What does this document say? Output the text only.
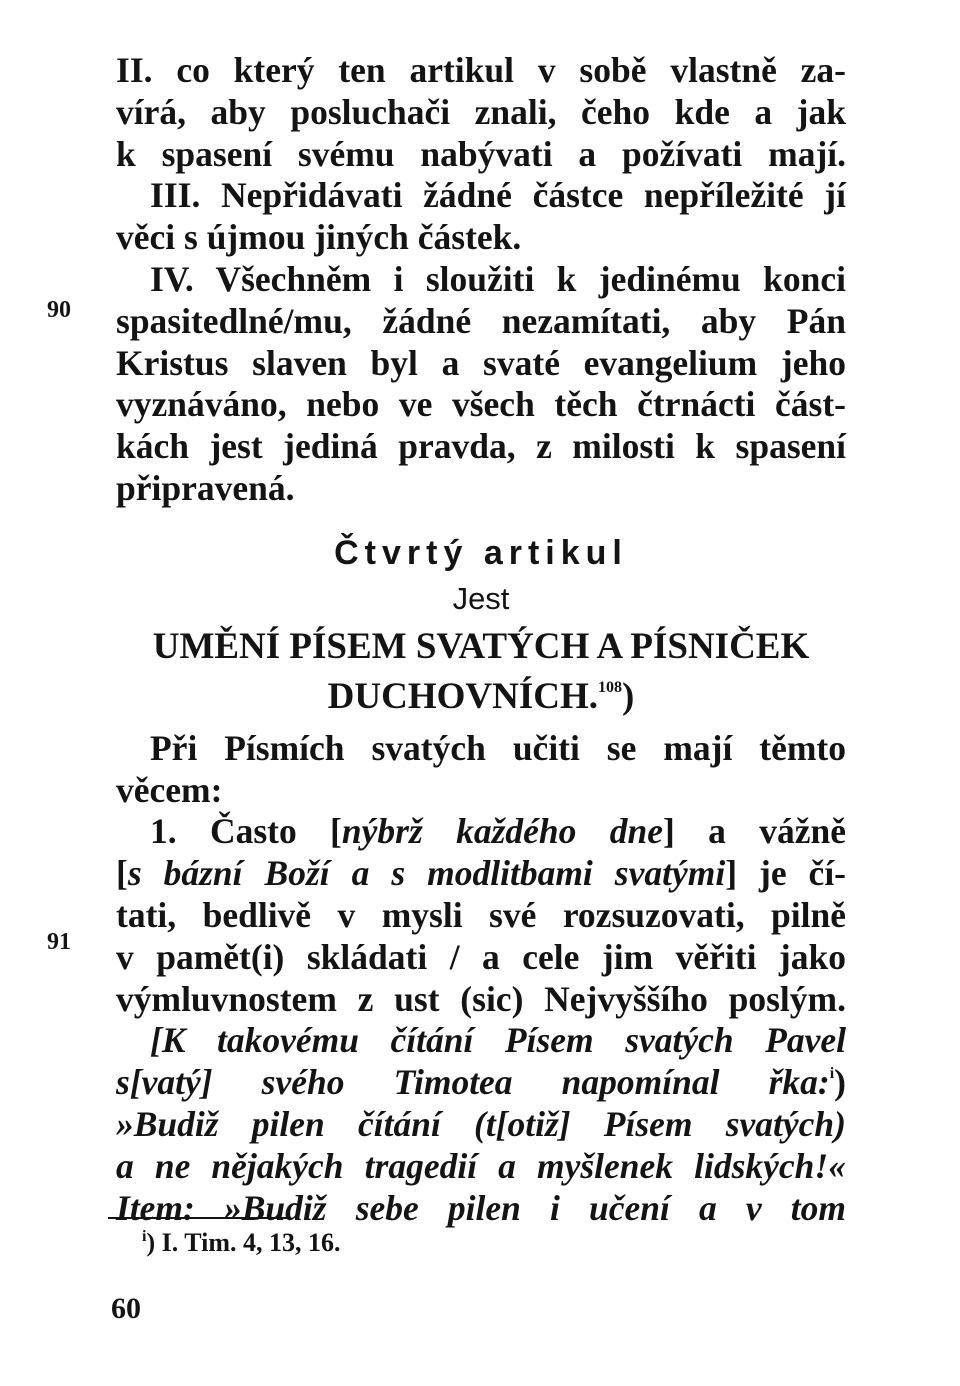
90
91
II. co který ten artikul v sobě vlastně za-
vírá, aby posluchači znali, čeho kde a jak
k spasení svému nabývati a požívati mají.
III. Nepřidávati žádné částce nepříležité jí
věci s újmou jiných částek.
IV. Všechněm i sloužiti k jedinému konci
spasitedlné/mu, žádné nezamítati, aby Pán
Kristus slaven byl a svaté evangelium jeho
vyznáváno, nebo ve všech těch čtrnácti část-
kách jest jediná pravda, z milosti k spasení
připravená.
Čtvrtý artikul
Jest
UMĚNÍ PÍSEM SVATÝCH A PÍSNIČEK
DUCHOVNÍCH.$^{108}$)
Při Písmích svatých učiti se mají těmto
věcem:
1. Často [nýbrž každého dne] a vážně
[s bázní Boží a s modlitbami svatými] je čí-
tati, bedlivě v mysli své rozsuzovati, pilně
v pamět(i) skládati / a cele jim věřiti jako
výmluvnostem z ust (sic) Nejvyššího poslým.
[K takovému čítání Písem svatých Pavel
s[vatý] svého Timotea napomínal řka:$^i$)
»Budiž pilen čítání (t[otiž] Písem svatých)
a ne nějakých tragedií a myšlenek lidských!«
Item: »Budiž sebe pilen i učení a v tom
$^i$) I. Tim. 4, 13, 16.
60
